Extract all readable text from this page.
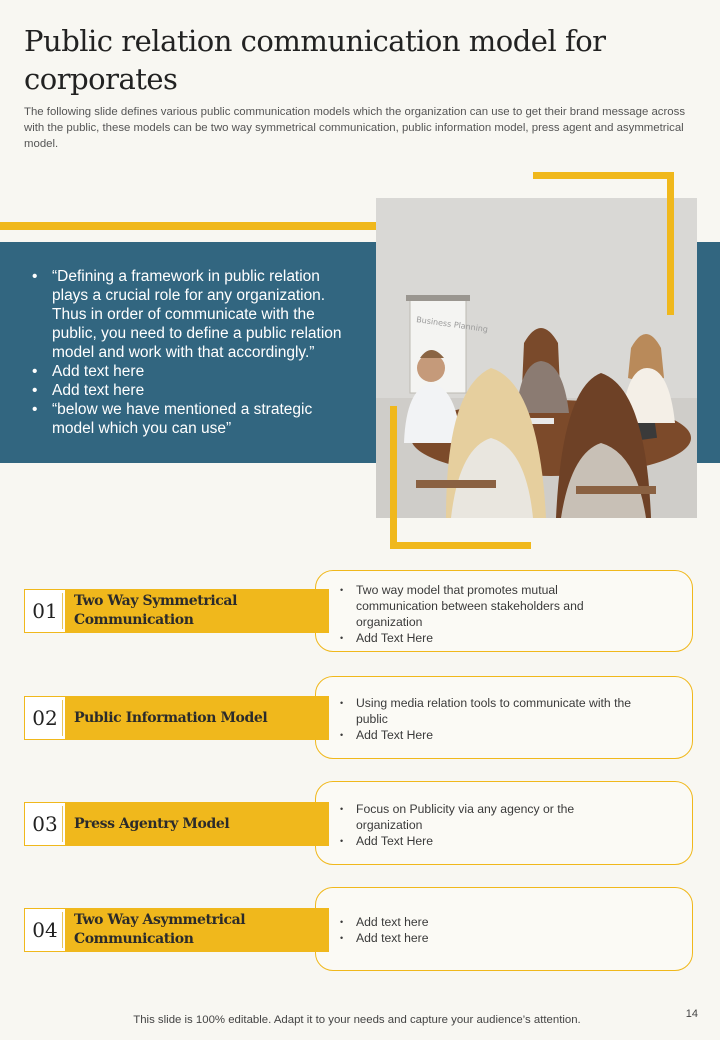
Public relation communication model for corporates
The following slide defines various public communication models which the organization can use to get their brand message across with the public, these models can be two way symmetrical communication, public information model, press agent and asymmetrical model.
• “Defining a framework in public relation plays a crucial role for any organization. Thus in order of communicate with the public, you need to define a public relation model and work with that accordingly.”
• Add text here
• Add text here
• “below we have mentioned a strategic model which you can use”
Business Planning
• Two way model that promotes mutual communication between stakeholders and organization
• Add Text Here
01	Two Way Symmetrical Communication
• Using media relation tools to communicate with the public
• Add Text Here
02	Public Information Model
• Focus on Publicity via any agency or the organization
• Add Text Here
03	Press Agentry Model
• Add text here
• Add text here
04	Two Way Asymmetrical Communication
This slide is 100% editable. Adapt it to your needs and capture your audience’s attention.	14
